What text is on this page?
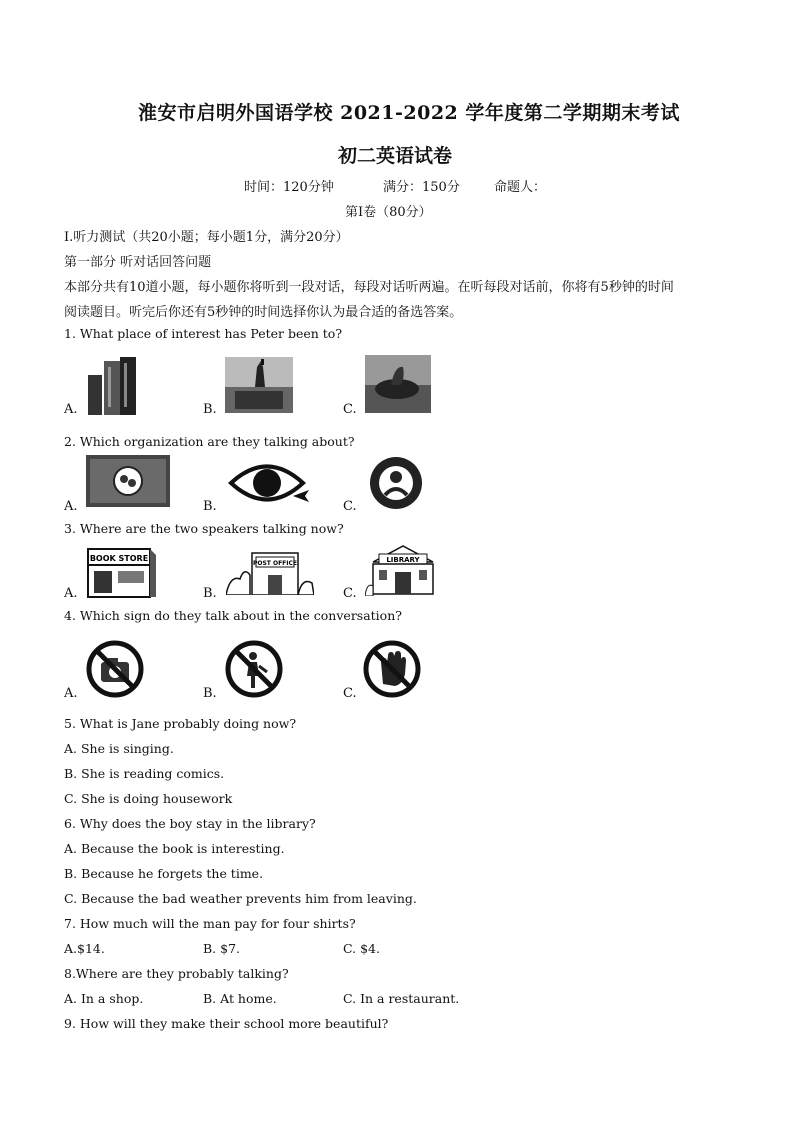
淮安市启明外国语学校 2021-2022 学年度第二学期期末考试
初二英语试卷
时间：120分钟	满分：150分	命题人：
第Ⅰ卷（80分）
Ⅰ.听力测试（共20小题；每小题1分，满分20分）
第一部分 听对话回答问题
本部分共有10道小题，每小题你将听到一段对话，每段对话听两遍。在听每段对话前，你将有5秒钟的时间
阅读题目。听完后你还有5秒钟的时间选择你认为最合适的备选答案。
1. What place of interest has Peter been to?
A.	B.	C.
2. Which organization are they talking about?
A.	B.	C.
3. Where are the two speakers talking now?
BOOK STORE
A.
POST OFFICE
B.
LIBRARY
C.
4. Which sign do they talk about in the conversation?
A.	B.	C.
5. What is Jane probably doing now?
A. She is singing.
B. She is reading comics.
C. She is doing housework
6. Why does the boy stay in the library?
A. Because the book is interesting.
B. Because he forgets the time.
C. Because the bad weather prevents him from leaving.
7. How much will the man pay for four shirts?
A.$14.	B. $7.	C. $4.
8.Where are they probably talking?
A. In a shop.	B. At home.	C. In a restaurant.
9. How will they make their school more beautiful?
